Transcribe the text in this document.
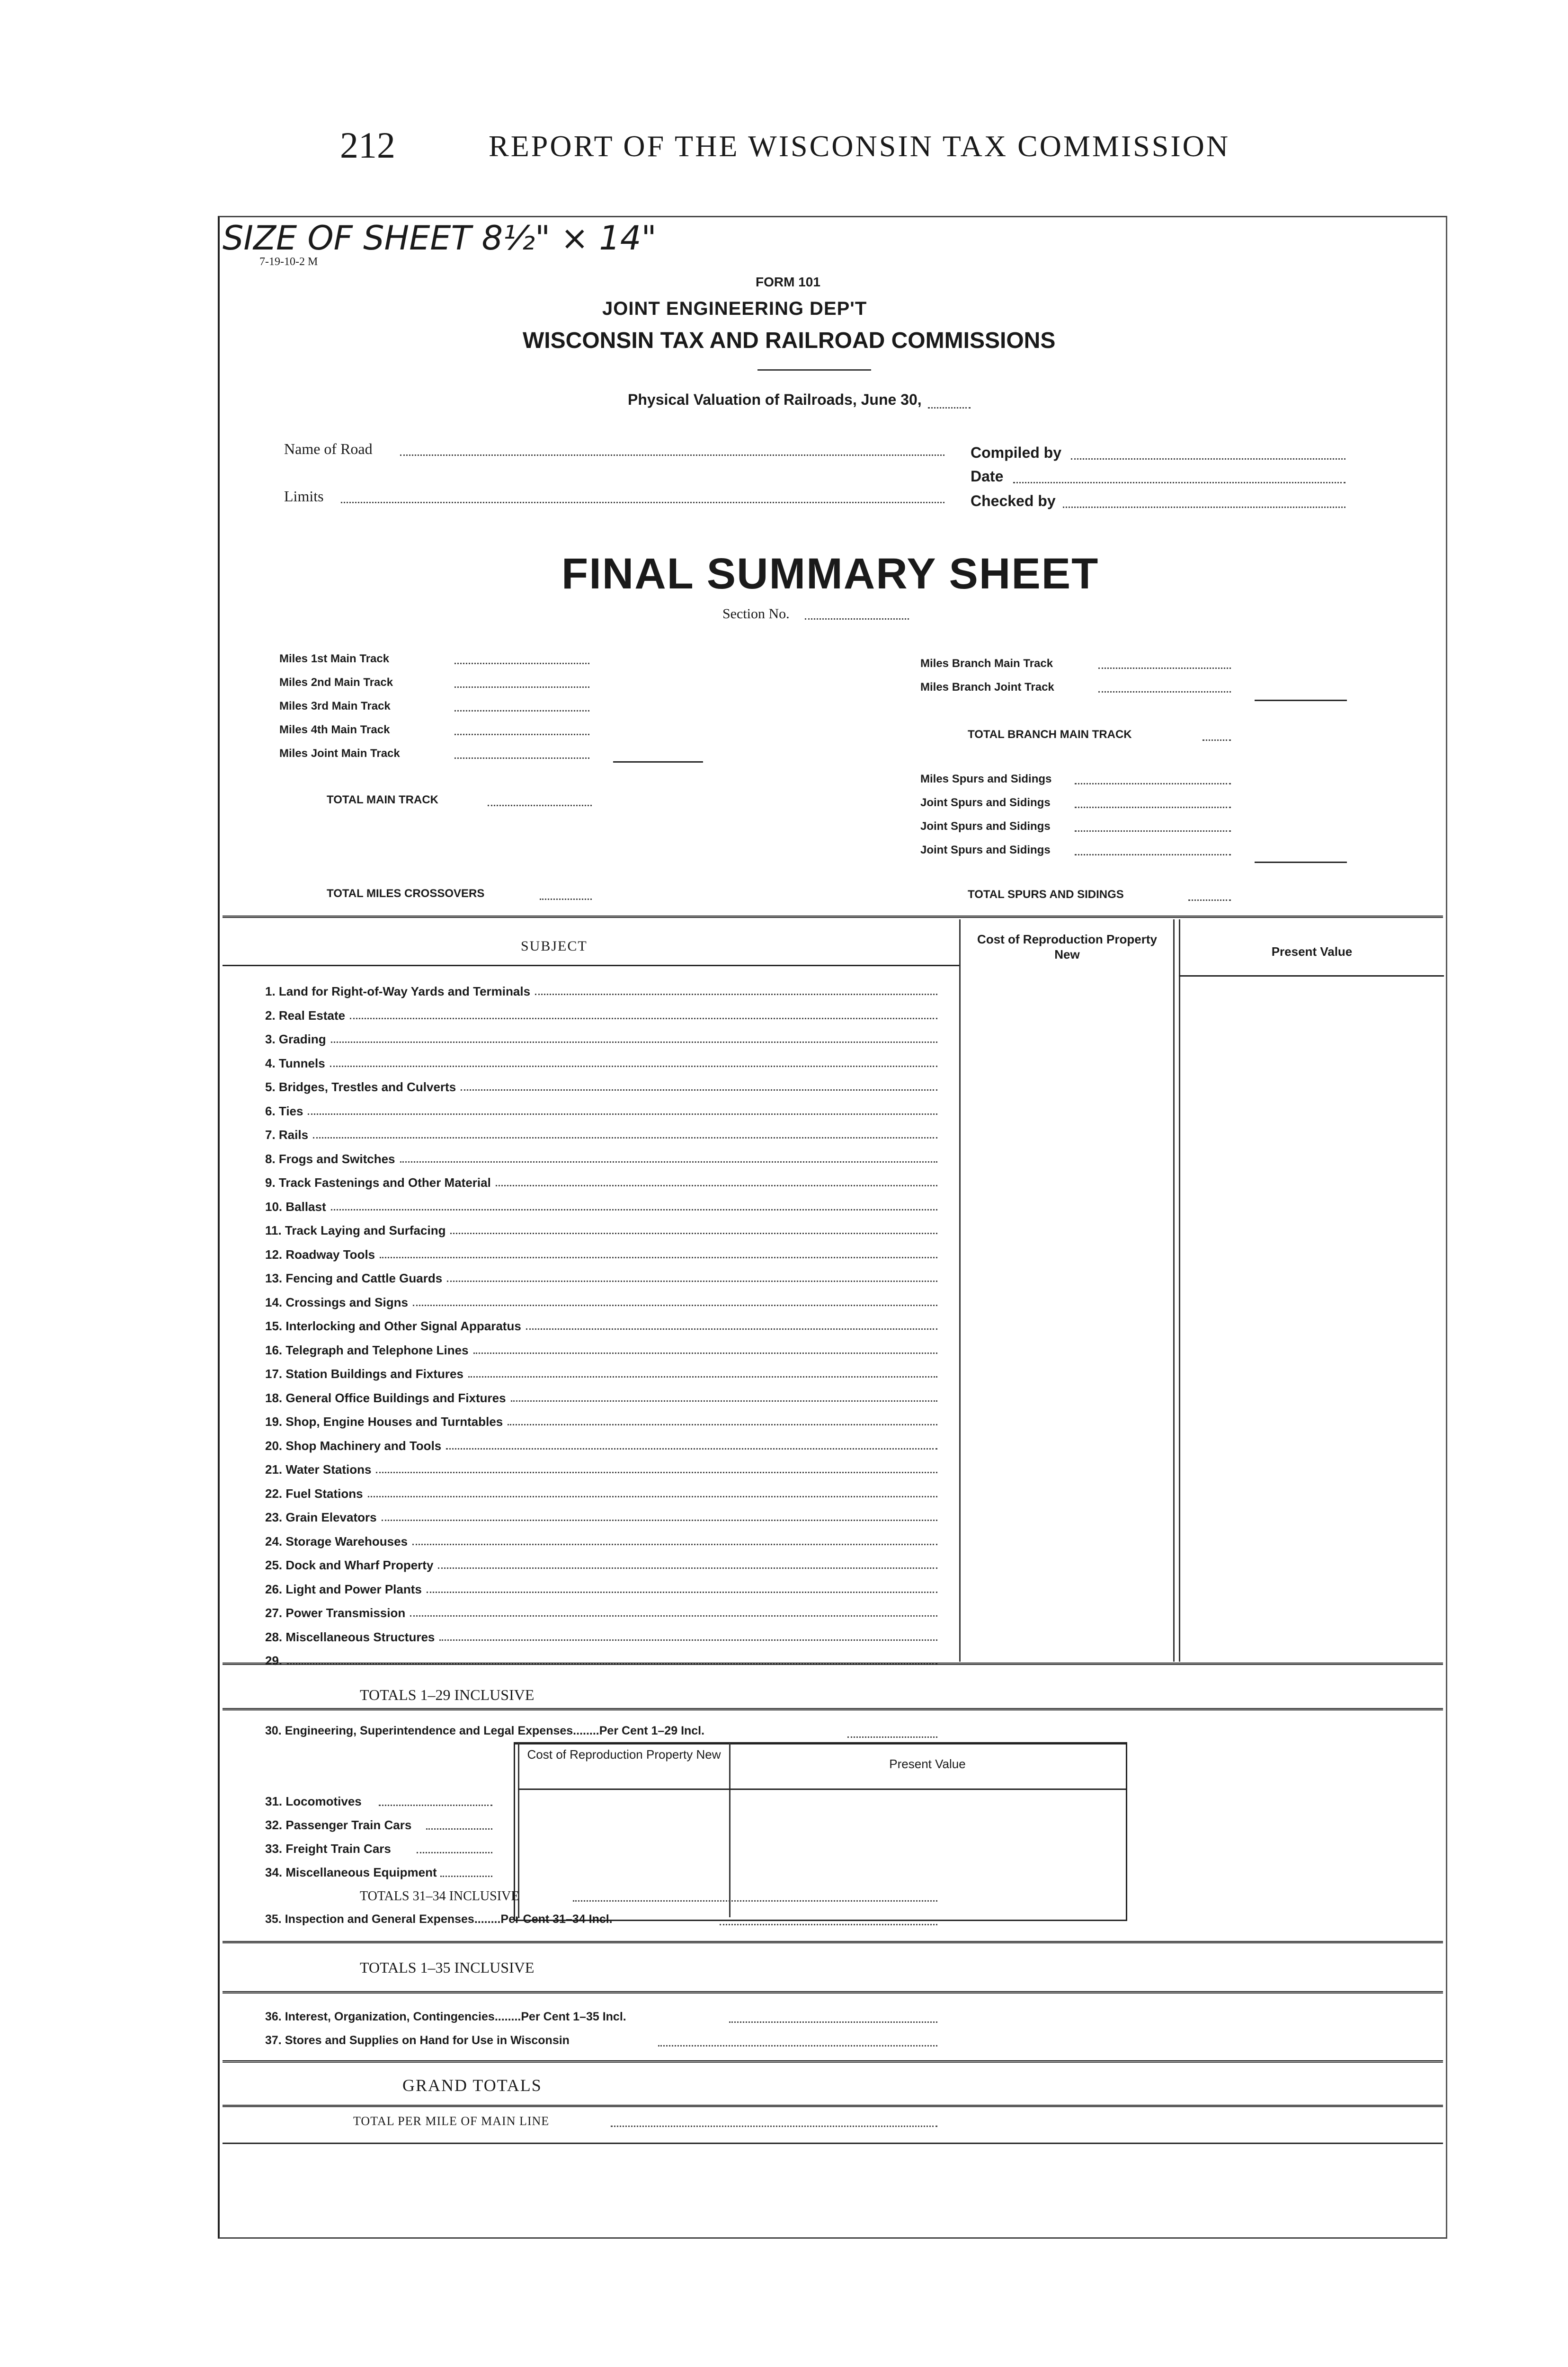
212	REPORT OF THE WISCONSIN TAX COMMISSION
SIZE OF SHEET 8½" × 14"
7-19-10-2 M
FORM 101
JOINT ENGINEERING DEP'T
WISCONSIN TAX AND RAILROAD COMMISSIONS
Physical Valuation of Railroads, June 30,
Name of Road
Limits
Compiled by
Date
Checked by
FINAL SUMMARY SHEET
Section No.
Miles 1st Main Track
Miles 2nd Main Track
Miles 3rd Main Track
Miles 4th Main Track
Miles Joint Main Track
TOTAL MAIN TRACK
TOTAL MILES CROSSOVERS
Miles Branch Main Track
Miles Branch Joint Track
TOTAL BRANCH MAIN TRACK
Miles Spurs and Sidings
Joint Spurs and Sidings
Joint Spurs and Sidings
Joint Spurs and Sidings
TOTAL SPURS AND SIDINGS
SUBJECT	Cost of Reproduction Property New	Present Value
1. Land for Right-of-Way Yards and Terminals
2. Real Estate
3. Grading
4. Tunnels
5. Bridges, Trestles and Culverts
6. Ties
7. Rails
8. Frogs and Switches
9. Track Fastenings and Other Material
10. Ballast
11. Track Laying and Surfacing
12. Roadway Tools
13. Fencing and Cattle Guards
14. Crossings and Signs
15. Interlocking and Other Signal Apparatus
16. Telegraph and Telephone Lines
17. Station Buildings and Fixtures
18. General Office Buildings and Fixtures
19. Shop, Engine Houses and Turntables
20. Shop Machinery and Tools
21. Water Stations
22. Fuel Stations
23. Grain Elevators
24. Storage Warehouses
25. Dock and Wharf Property
26. Light and Power Plants
27. Power Transmission
28. Miscellaneous Structures
29.
TOTALS 1–29 INCLUSIVE
30. Engineering, Superintendence and Legal Expenses........Per Cent 1–29 Incl.
Cost of Reproduction Property New
Present Value
31. Locomotives
32. Passenger Train Cars
33. Freight Train Cars
34. Miscellaneous Equipment
TOTALS 31–34 INCLUSIVE
35. Inspection and General Expenses........Per Cent 31–34 Incl.
TOTALS 1–35 INCLUSIVE
36. Interest, Organization, Contingencies........Per Cent 1–35 Incl.
37. Stores and Supplies on Hand for Use in Wisconsin
GRAND TOTALS
TOTAL PER MILE OF MAIN LINE
